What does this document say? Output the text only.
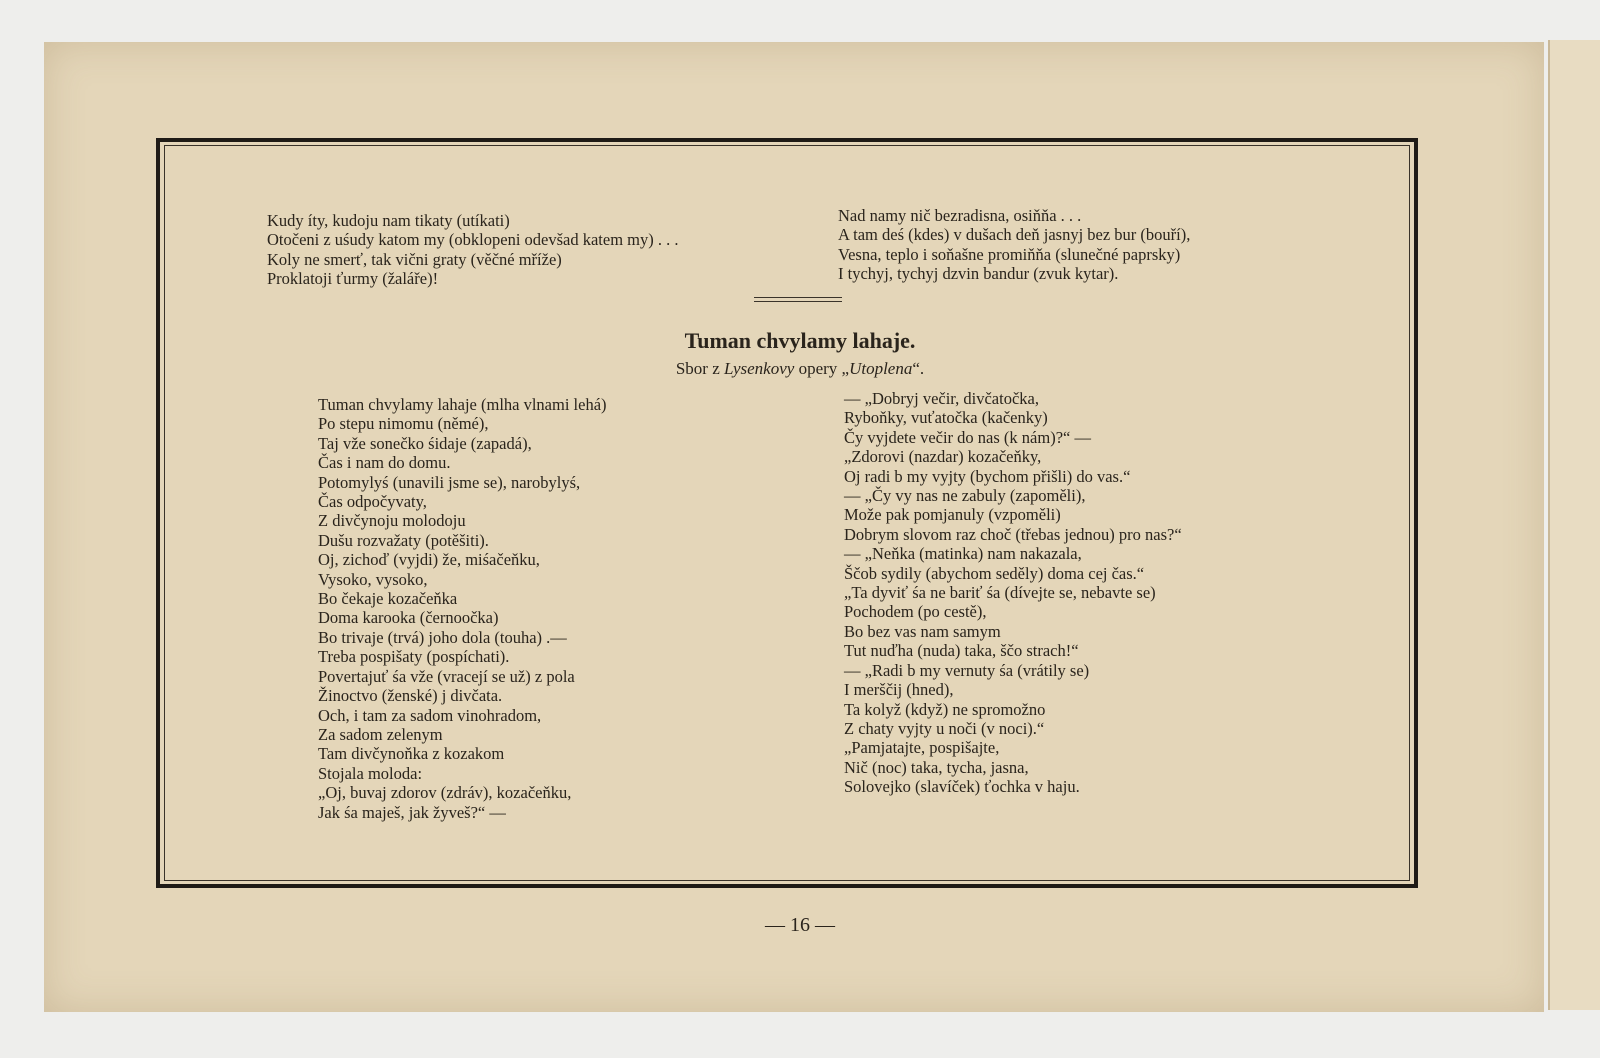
Kudy íty, kudoju nam tikaty (utíkati)
Otočeni z uśudy katom my (obklopeni odevšad katem my) . . .
Koly ne smerť, tak vični graty (věčné mříže)
Proklatoji ťurmy (žaláře)!
Nad namy nič bezradisna, osiňňa . . .
A tam deś (kdes) v dušach deň jasnyj bez bur (bouří),
Vesna, teplo i soňašne promiňňa (slunečné paprsky)
I tychyj, tychyj dzvin bandur (zvuk kytar).
Tuman chvylamy lahaje.
Sbor z Lysenkovy opery „Utoplena“.
Tuman chvylamy lahaje (mlha vlnami lehá)
Po stepu nimomu (němé),
Taj vže sonečko śidaje (zapadá),
Čas i nam do domu.
Potomylyś (unavili jsme se), narobylyś,
Čas odpočyvaty,
Z divčynoju molodoju
Dušu rozvažaty (potěšiti).
Oj, zichoď (vyjdi) že, miśačeňku,
Vysoko, vysoko,
Bo čekaje kozačeňka
Doma karooka (černoočka)
Bo trivaje (trvá) joho dola (touha) .—
Treba pospišaty (pospíchati).
Povertajuť śa vže (vracejí se už) z pola
Žinoctvo (ženské) j divčata.
Och, i tam za sadom vinohradom,
Za sadom zelenym
Tam divčynoňka z kozakom
Stojala moloda:
„Oj, buvaj zdorov (zdráv), kozačeňku,
Jak śa maješ, jak žyveš?“ —
— „Dobryj večir, divčatočka,
Ryboňky, vuťatočka (kačenky)
Čy vyjdete večir do nas (k nám)?“ —
„Zdorovi (nazdar) kozačeňky,
Oj radi b my vyjty (bychom přišli) do vas.“
— „Čy vy nas ne zabuly (zapoměli),
Može pak pomjanuly (vzpoměli)
Dobrym slovom raz choč (třebas jednou) pro nas?“
— „Neňka (matinka) nam nakazala,
Ščob sydily (abychom seděly) doma cej čas.“
„Ta dyviť śa ne bariť śa (dívejte se, nebavte se)
Pochodem (po cestě),
Bo bez vas nam samym
Tut nuďha (nuda) taka, ščo strach!“
— „Radi b my vernuty śa (vrátily se)
I merščij (hned),
Ta kolyž (když) ne spromožno
Z chaty vyjty u noči (v noci).“
„Pamjatajte, pospišajte,
Nič (noc) taka, tycha, jasna,
Solovejko (slavíček) ťochka v haju.
— 16 —
